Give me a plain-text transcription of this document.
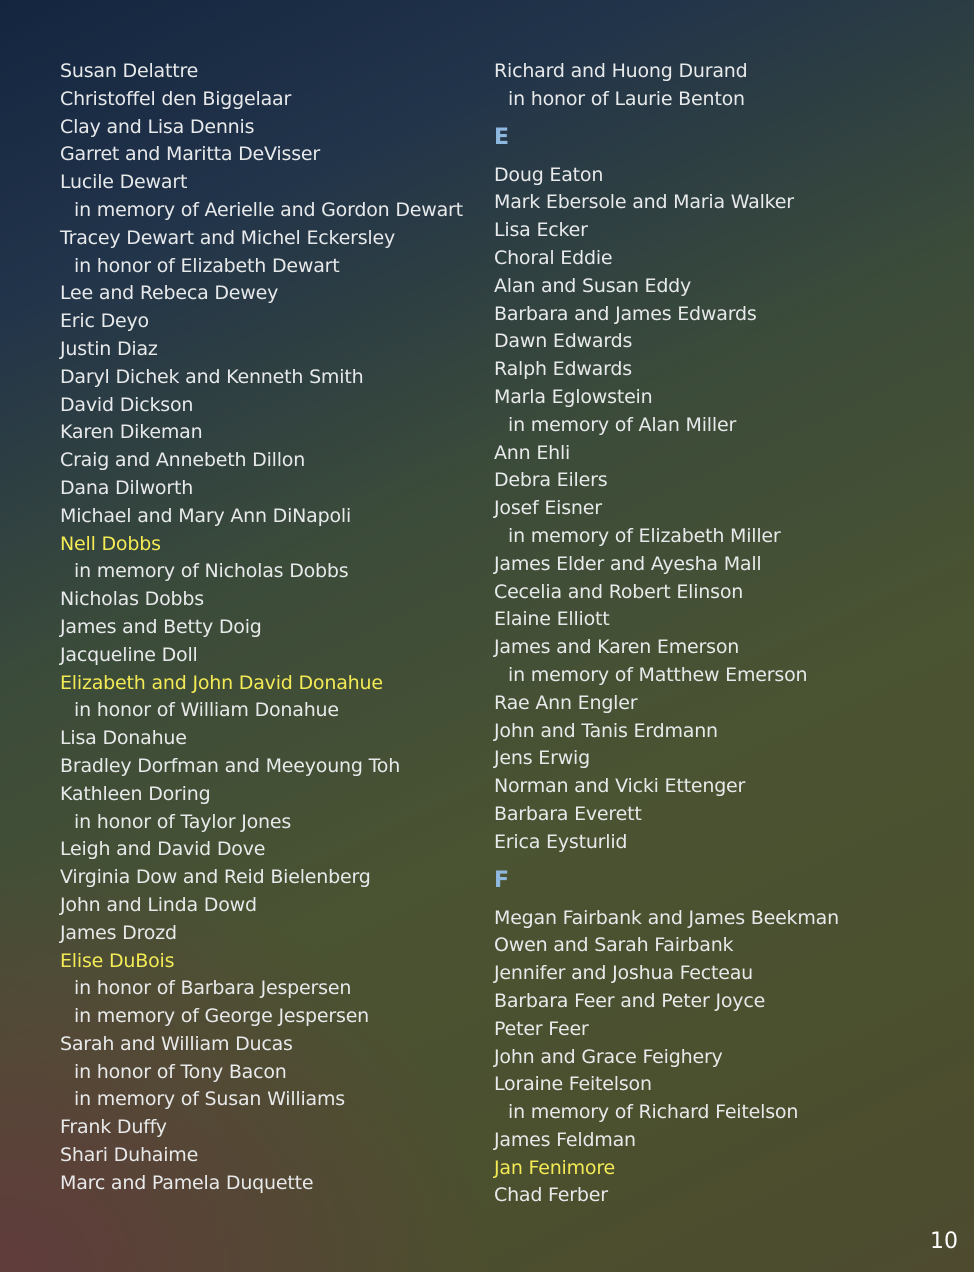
Susan Delattre
Christoffel den Biggelaar
Clay and Lisa Dennis
Garret and Maritta DeVisser
Lucile Dewart
in memory of Aerielle and Gordon Dewart
Tracey Dewart and Michel Eckersley
in honor of Elizabeth Dewart
Lee and Rebeca Dewey
Eric Deyo
Justin Diaz
Daryl Dichek and Kenneth Smith
David Dickson
Karen Dikeman
Craig and Annebeth Dillon
Dana Dilworth
Michael and Mary Ann DiNapoli
Nell Dobbs
in memory of Nicholas Dobbs
Nicholas Dobbs
James and Betty Doig
Jacqueline Doll
Elizabeth and John David Donahue
in honor of William Donahue
Lisa Donahue
Bradley Dorfman and Meeyoung Toh
Kathleen Doring
in honor of Taylor Jones
Leigh and David Dove
Virginia Dow and Reid Bielenberg
John and Linda Dowd
James Drozd
Elise DuBois
in honor of Barbara Jespersen
in memory of George Jespersen
Sarah and William Ducas
in honor of Tony Bacon
in memory of Susan Williams
Frank Duffy
Shari Duhaime
Marc and Pamela Duquette
Richard and Huong Durand
in honor of Laurie Benton
E
Doug Eaton
Mark Ebersole and Maria Walker
Lisa Ecker
Choral Eddie
Alan and Susan Eddy
Barbara and James Edwards
Dawn Edwards
Ralph Edwards
Marla Eglowstein
in memory of Alan Miller
Ann Ehli
Debra Eilers
Josef Eisner
in memory of Elizabeth Miller
James Elder and Ayesha Mall
Cecelia and Robert Elinson
Elaine Elliott
James and Karen Emerson
in memory of Matthew Emerson
Rae Ann Engler
John and Tanis Erdmann
Jens Erwig
Norman and Vicki Ettenger
Barbara Everett
Erica Eysturlid
F
Megan Fairbank and James Beekman
Owen and Sarah Fairbank
Jennifer and Joshua Fecteau
Barbara Feer and Peter Joyce
Peter Feer
John and Grace Feighery
Loraine Feitelson
in memory of Richard Feitelson
James Feldman
Jan Fenimore
Chad Ferber
10
